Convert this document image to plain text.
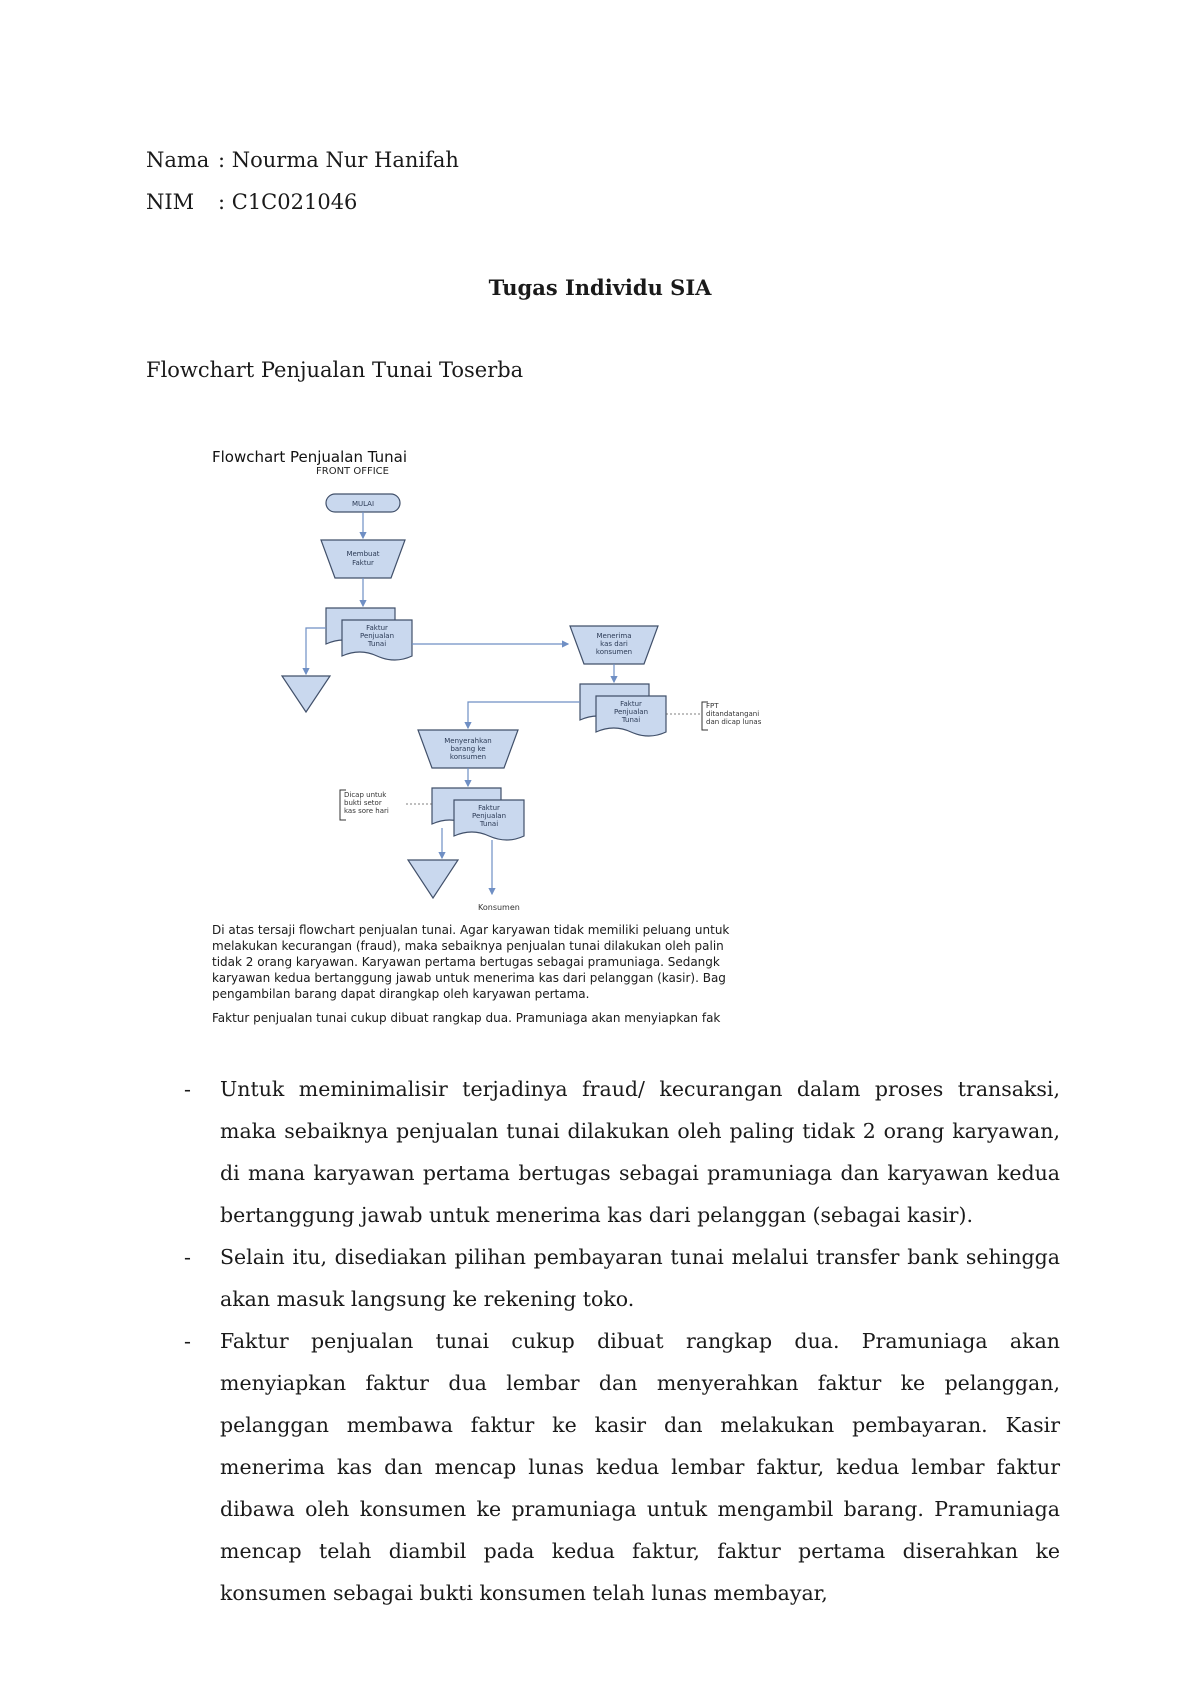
Nama : Nourma Nur Hanifah
NIM : C1C021046
Tugas Individu SIA
Flowchart Penjualan Tunai Toserba
Flowchart Penjualan Tunai
FRONT OFFICE
MULAI
Membuat
Faktur
Faktur
Penjualan
Tunai
Menerima
kas dari
konsumen
Faktur
Penjualan
Tunai
FPT
ditandatangani
dan dicap lunas
Menyerahkan
barang ke
konsumen
Faktur
Penjualan
Tunai
Dicap untuk
bukti setor
kas sore hari
Konsumen
Di atas tersaji flowchart penjualan tunai. Agar karyawan tidak memiliki peluang untuk
melakukan kecurangan (fraud), maka sebaiknya penjualan tunai dilakukan oleh palin
tidak 2 orang karyawan. Karyawan pertama bertugas sebagai pramuniaga. Sedangk
karyawan kedua bertanggung jawab untuk menerima kas dari pelanggan (kasir). Bag
pengambilan barang dapat dirangkap oleh karyawan pertama.
Faktur penjualan tunai cukup dibuat rangkap dua. Pramuniaga akan menyiapkan fak
- Untuk meminimalisir terjadinya fraud/ kecurangan dalam proses transaksi, maka sebaiknya penjualan tunai dilakukan oleh paling tidak 2 orang karyawan, di mana karyawan pertama bertugas sebagai pramuniaga dan karyawan kedua bertanggung jawab untuk menerima kas dari pelanggan (sebagai kasir).
- Selain itu, disediakan pilihan pembayaran tunai melalui transfer bank sehingga akan masuk langsung ke rekening toko.
- Faktur penjualan tunai cukup dibuat rangkap dua. Pramuniaga akan menyiapkan faktur dua lembar dan menyerahkan faktur ke pelanggan, pelanggan membawa faktur ke kasir dan melakukan pembayaran. Kasir menerima kas dan mencap lunas kedua lembar faktur, kedua lembar faktur dibawa oleh konsumen ke pramuniaga untuk mengambil barang. Pramuniaga mencap telah diambil pada kedua faktur, faktur pertama diserahkan ke konsumen sebagai bukti konsumen telah lunas membayar,
